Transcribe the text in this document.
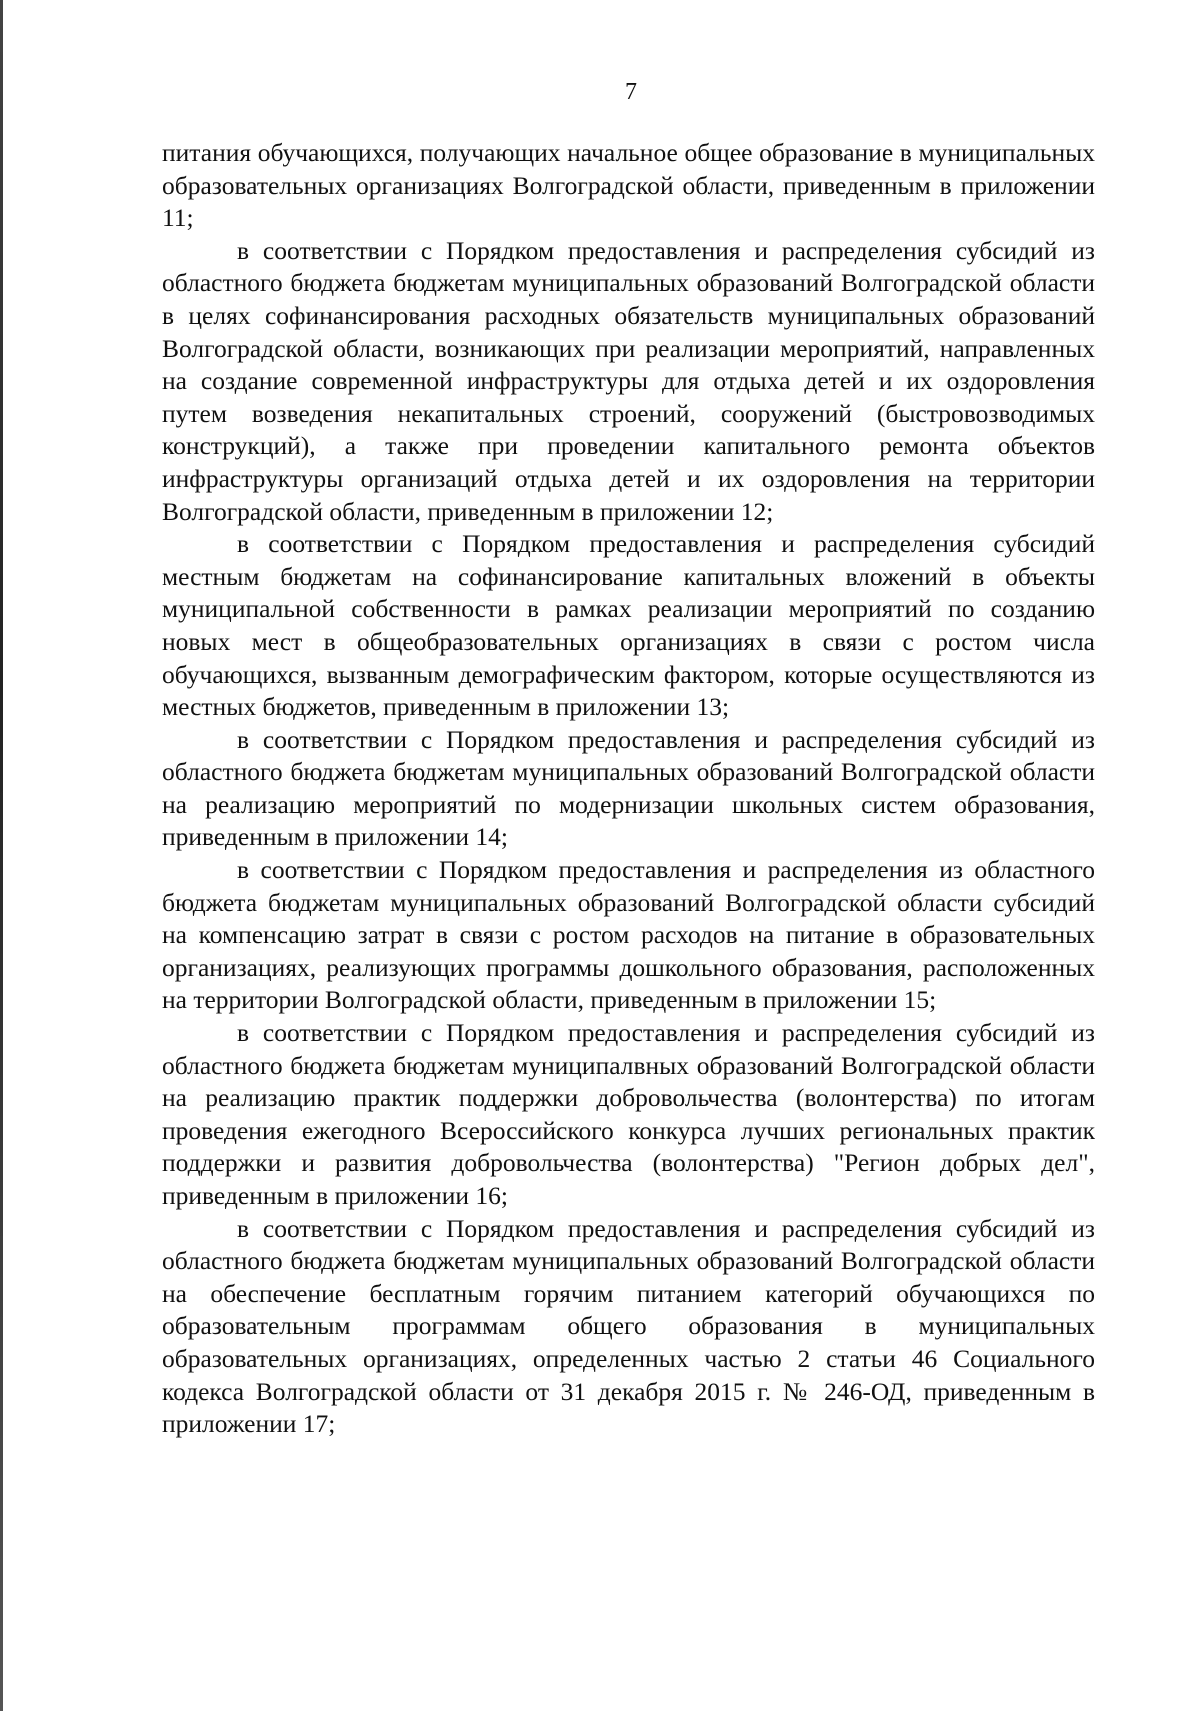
7

питания обучающихся, получающих начальное общее образование в муниципальных образовательных организациях Волгоградской области, приведенным в приложении 11;

в соответствии с Порядком предоставления и распределения субсидий из областного бюджета бюджетам муниципальных образований Волгоградской области в целях софинансирования расходных обязательств муниципальных образований Волгоградской области, возникающих при реализации мероприятий, направленных на создание современной инфраструктуры для отдыха детей и их оздоровления путем возведения некапитальных строений, сооружений (быстровозводимых конструкций), а также при проведении капитального ремонта объектов инфраструктуры организаций отдыха детей и их оздоровления на территории Волгоградской области, приведенным в приложении 12;

в соответствии с Порядком предоставления и распределения субсидий местным бюджетам на софинансирование капитальных вложений в объекты муниципальной собственности в рамках реализации мероприятий по созданию новых мест в общеобразовательных организациях в связи с ростом числа обучающихся, вызванным демографическим фактором, которые осуществляются из местных бюджетов, приведенным в приложении 13;

в соответствии с Порядком предоставления и распределения субсидий из областного бюджета бюджетам муниципальных образований Волгоградской области на реализацию мероприятий по модернизации школьных систем образования, приведенным в приложении 14;

в соответствии с Порядком предоставления и распределения из областного бюджета бюджетам муниципальных образований Волгоградской области субсидий на компенсацию затрат в связи с ростом расходов на питание в образовательных организациях, реализующих программы дошкольного образования, расположенных на территории Волгоградской области, приведенным в приложении 15;

в соответствии с Порядком предоставления и распределения субсидий из областного бюджета бюджетам муниципалвных образований Волгоградской области на реализацию практик поддержки добровольчества (волонтерства) по итогам проведения ежегодного Всероссийского конкурса лучших региональных практик поддержки и развития добровольчества (волонтерства) "Регион добрых дел", приведенным в приложении 16;

в соответствии с Порядком предоставления и распределения субсидий из областного бюджета бюджетам муниципальных образований Волгоградской области на обеспечение бесплатным горячим питанием категорий обучающихся по образовательным программам общего образования в муниципальных образовательных организациях, определенных частью 2 статьи 46 Социального кодекса Волгоградской области от 31 декабря 2015 г. № 246-ОД, приведенным в приложении 17;
